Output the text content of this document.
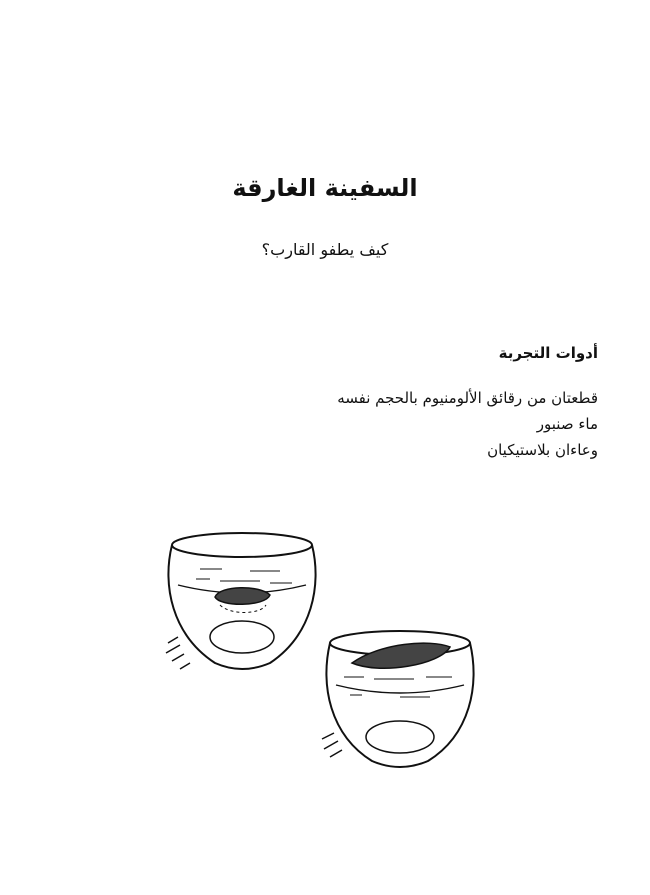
السفينة الغارقة

كيف يطفو القارب؟

أدوات التجربة
قطعتان من رقائق الألومنيوم بالحجم نفسه
ماء صنبور
وعاءان بلاستيكيان
